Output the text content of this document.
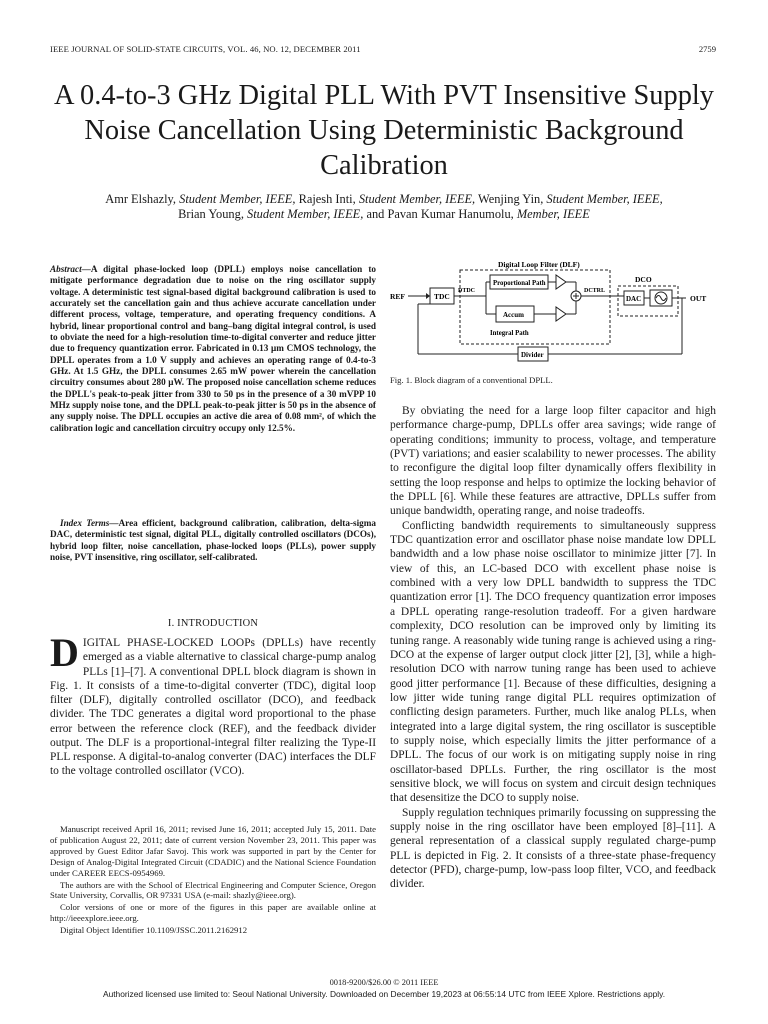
IEEE JOURNAL OF SOLID-STATE CIRCUITS, VOL. 46, NO. 12, DECEMBER 2011	2759
A 0.4-to-3 GHz Digital PLL With PVT Insensitive Supply Noise Cancellation Using Deterministic Background Calibration
Amr Elshazly, Student Member, IEEE, Rajesh Inti, Student Member, IEEE, Wenjing Yin, Student Member, IEEE,
Brian Young, Student Member, IEEE, and Pavan Kumar Hanumolu, Member, IEEE
Abstract—A digital phase-locked loop (DPLL) employs noise cancellation to mitigate performance degradation due to noise on the ring oscillator supply voltage. A deterministic test signal-based digital background calibration is used to accurately set the cancellation gain and thus achieve accurate cancellation under different process, voltage, temperature, and operating frequency conditions. A hybrid, linear proportional control and bang–bang digital integral control, is used to obviate the need for a high-resolution time-to-digital converter and reduce jitter due to frequency quantization error. Fabricated in 0.13 μm CMOS technology, the DPLL operates from a 1.0 V supply and achieves an operating range of 0.4-to-3 GHz. At 1.5 GHz, the DPLL consumes 2.65 mW power wherein the cancellation circuitry consumes about 280 μW. The proposed noise cancellation scheme reduces the DPLL's peak-to-peak jitter from 330 to 50 ps in the presence of a 30 mVPP 10 MHz supply noise tone, and the DPLL peak-to-peak jitter is 50 ps in the absence of any supply noise. The DPLL occupies an active die area of 0.08 mm², of which the calibration logic and cancellation circuitry occupy only 12.5%.
Index Terms—Area efficient, background calibration, calibration, delta-sigma DAC, deterministic test signal, digital PLL, digitally controlled oscillators (DCOs), hybrid loop filter, noise cancellation, phase-locked loops (PLLs), power supply noise, PVT insensitive, ring oscillator, self-calibrated.
I. INTRODUCTION
DIGITAL PHASE-LOCKED LOOPs (DPLLs) have recently emerged as a viable alternative to classical charge-pump analog PLLs [1]–[7]. A conventional DPLL block diagram is shown in Fig. 1. It consists of a time-to-digital converter (TDC), digital loop filter (DLF), digitally controlled oscillator (DCO), and feedback divider. The TDC generates a digital word proportional to the phase error between the reference clock (REF), and the feedback divider output. The DLF is a proportional-integral filter realizing the Type-II PLL response. A digital-to-analog converter (DAC) interfaces the DLF to the voltage controlled oscillator (VCO).

Manuscript received April 16, 2011; revised June 16, 2011; accepted July 15, 2011. Date of publication August 22, 2011; date of current version November 23, 2011. This paper was approved by Guest Editor Jafar Savoj. This work was supported in part by the Center for Design of Analog-Digital Integrated Circuit (CDADIC) and the National Science Foundation under CAREER EECS-0954969.

The authors are with the School of Electrical Engineering and Computer Science, Oregon State University, Corvallis, OR 97331 USA (e-mail: shazly@ieee.org).

Color versions of one or more of the figures in this paper are available online at http://ieeexplore.ieee.org.

Digital Object Identifier 10.1109/JSSC.2011.2162912

Digital Loop Filter (DLF)
DCO
REF	TDC
DTDC
Proportional Path
Accum
Integral Path
DCTRL
DAC	OUT
Divider
Fig. 1. Block diagram of a conventional DPLL.

By obviating the need for a large loop filter capacitor and high performance charge-pump, DPLLs offer area savings; wide range of operating conditions; immunity to process, voltage, and temperature (PVT) variations; and easier scalability to newer processes. The ability to reconfigure the digital loop filter dynamically offers flexibility in setting the loop response and helps to optimize the locking behavior of the DPLL [6]. While these features are attractive, DPLLs suffer from unique bandwidth, operating range, and noise tradeoffs.

Conflicting bandwidth requirements to simultaneously suppress TDC quantization error and oscillator phase noise mandate low DPLL bandwidth and a low phase noise oscillator to minimize jitter [7]. In view of this, an LC-based DCO with excellent phase noise is combined with a very low DPLL bandwidth to suppress the TDC quantization error [1]. The DCO frequency quantization error imposes a DPLL operating range-resolution tradeoff. For a given hardware complexity, DCO resolution can be improved only by limiting its tuning range. A reasonably wide tuning range is achieved using a ring-DCO at the expense of larger output clock jitter [2], [3], while a high-resolution DCO with narrow tuning range has been used to achieve good jitter performance [1]. Because of these difficulties, designing a low jitter wide tuning range digital PLL requires optimization of conflicting design parameters. Further, much like analog PLLs, when integrated into a large digital system, the ring oscillator is susceptible to supply noise, which especially limits the jitter performance of a DPLL. The focus of our work is on mitigating supply noise in ring oscillator-based DPLLs. Further, the ring oscillator is the most sensitive block, we will focus on system and circuit design techniques that desensitize the DCO to supply noise.

Supply regulation techniques primarily focussing on suppressing the supply noise in the ring oscillator have been employed [8]–[11]. A general representation of a classical supply regulated charge-pump PLL is depicted in Fig. 2. It consists of a three-state phase-frequency detector (PFD), charge-pump, low-pass loop filter, VCO, and feedback divider.

0018-9200/$26.00 © 2011 IEEE
Authorized licensed use limited to: Seoul National University. Downloaded on December 19,2023 at 06:55:14 UTC from IEEE Xplore. Restrictions apply.
